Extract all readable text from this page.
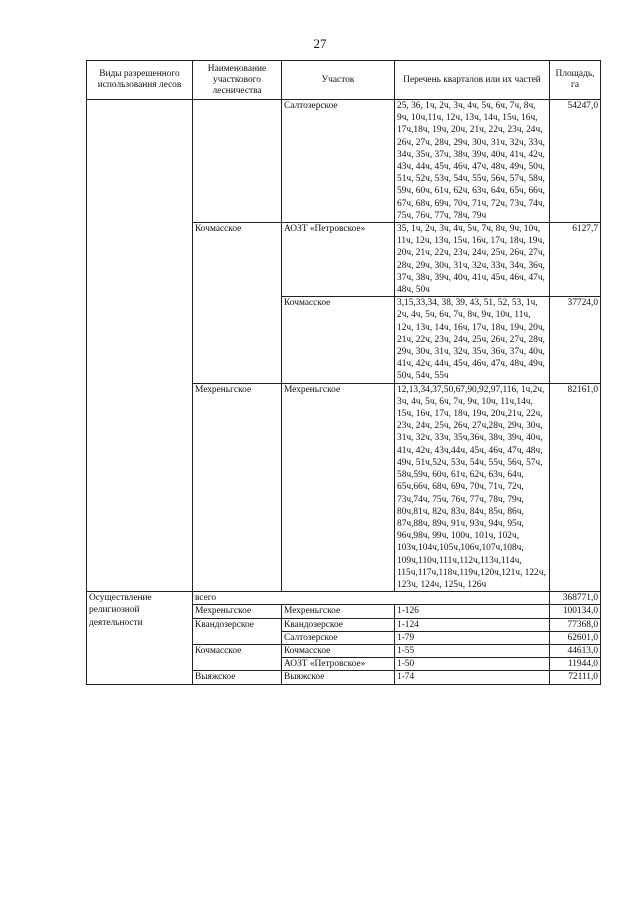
27
Виды разрешенного использования лесов	Наименование участкового лесничества	Участок	Перечень кварталов или их частей	Площадь, га
		Салтозерское	25, 36, 1ч, 2ч, 3ч, 4ч, 5ч, 6ч, 7ч, 8ч, 9ч, 10ч,11ч, 12ч, 13ч, 14ч, 15ч, 16ч, 17ч,18ч, 19ч, 20ч, 21ч, 22ч, 23ч, 24ч, 26ч, 27ч, 28ч, 29ч, 30ч, 31ч, 32ч, 33ч, 34ч, 35ч, 37ч, 38ч, 39ч, 40ч, 41ч, 42ч, 43ч, 44ч, 45ч, 46ч, 47ч, 48ч, 49ч, 50ч, 51ч, 52ч, 53ч, 54ч, 55ч, 56ч, 57ч, 58ч, 59ч, 60ч, 61ч, 62ч, 63ч, 64ч, 65ч, 66ч, 67ч, 68ч, 69ч, 70ч, 71ч, 72ч, 73ч, 74ч, 75ч, 76ч, 77ч, 78ч, 79ч	54247,0
	Кочмасское	АОЗТ «Петровское»	35, 1ч, 2ч, 3ч, 4ч, 5ч, 7ч, 8ч, 9ч, 10ч, 11ч, 12ч, 13ч, 15ч, 16ч, 17ч, 18ч, 19ч, 20ч, 21ч, 22ч, 23ч, 24ч, 25ч, 26ч, 27ч, 28ч, 29ч, 30ч, 31ч, 32ч, 33ч, 34ч, 36ч, 37ч, 38ч, 39ч, 40ч, 41ч, 45ч, 46ч, 47ч, 48ч, 50ч	6127,7
		Кочмасское	3,15,33,34, 38, 39, 43, 51, 52, 53, 1ч, 2ч, 4ч, 5ч, 6ч, 7ч, 8ч, 9ч, 10ч, 11ч, 12ч, 13ч, 14ч, 16ч, 17ч, 18ч, 19ч, 20ч, 21ч, 22ч, 23ч, 24ч, 25ч, 26ч, 27ч, 28ч, 29ч, 30ч, 31ч, 32ч, 35ч, 36ч, 37ч, 40ч, 41ч, 42ч, 44ч, 45ч, 46ч, 47ч, 48ч, 49ч, 50ч, 54ч, 55ч	37724,0
	Мехреньгское	Мехреньгское	12,13,34,37,50,67,90,92,97,116, 1ч,2ч, 3ч, 4ч, 5ч, 6ч, 7ч, 9ч, 10ч, 11ч,14ч, 15ч, 16ч, 17ч, 18ч, 19ч, 20ч,21ч, 22ч, 23ч, 24ч, 25ч, 26ч, 27ч,28ч, 29ч, 30ч, 31ч, 32ч, 33ч, 35ч,36ч, 38ч, 39ч, 40ч, 41ч, 42ч, 43ч,44ч, 45ч, 46ч, 47ч, 48ч, 49ч, 51ч,52ч, 53ч, 54ч, 55ч, 56ч, 57ч, 58ч,59ч, 60ч, 61ч, 62ч, 63ч, 64ч, 65ч,66ч, 68ч, 69ч, 70ч, 71ч, 72ч, 73ч,74ч, 75ч, 76ч, 77ч, 78ч, 79ч, 80ч,81ч, 82ч, 83ч, 84ч, 85ч, 86ч, 87ч,88ч, 89ч, 91ч, 93ч, 94ч, 95ч, 96ч,98ч, 99ч, 100ч, 101ч, 102ч, 103ч,104ч,105ч,106ч,107ч,108ч, 109ч,110ч,111ч,112ч,113ч,114ч, 115ч,117ч,118ч,119ч,120ч,121ч, 122ч, 123ч, 124ч, 125ч, 126ч	82161,0
Осуществление религиозной деятельности	всего			368771,0
	Мехреньгское	Мехреньгское	1-126	100134,0
	Квандозерское	Квандозерское	1-124	77368,0
		Салтозерское	1-79	62601,0
	Кочмасское	Кочмасское	1-55	44613,0
		АОЗТ «Петровское»	1-50	11944,0
	Выяжское	Выяжское	1-74	72111,0
